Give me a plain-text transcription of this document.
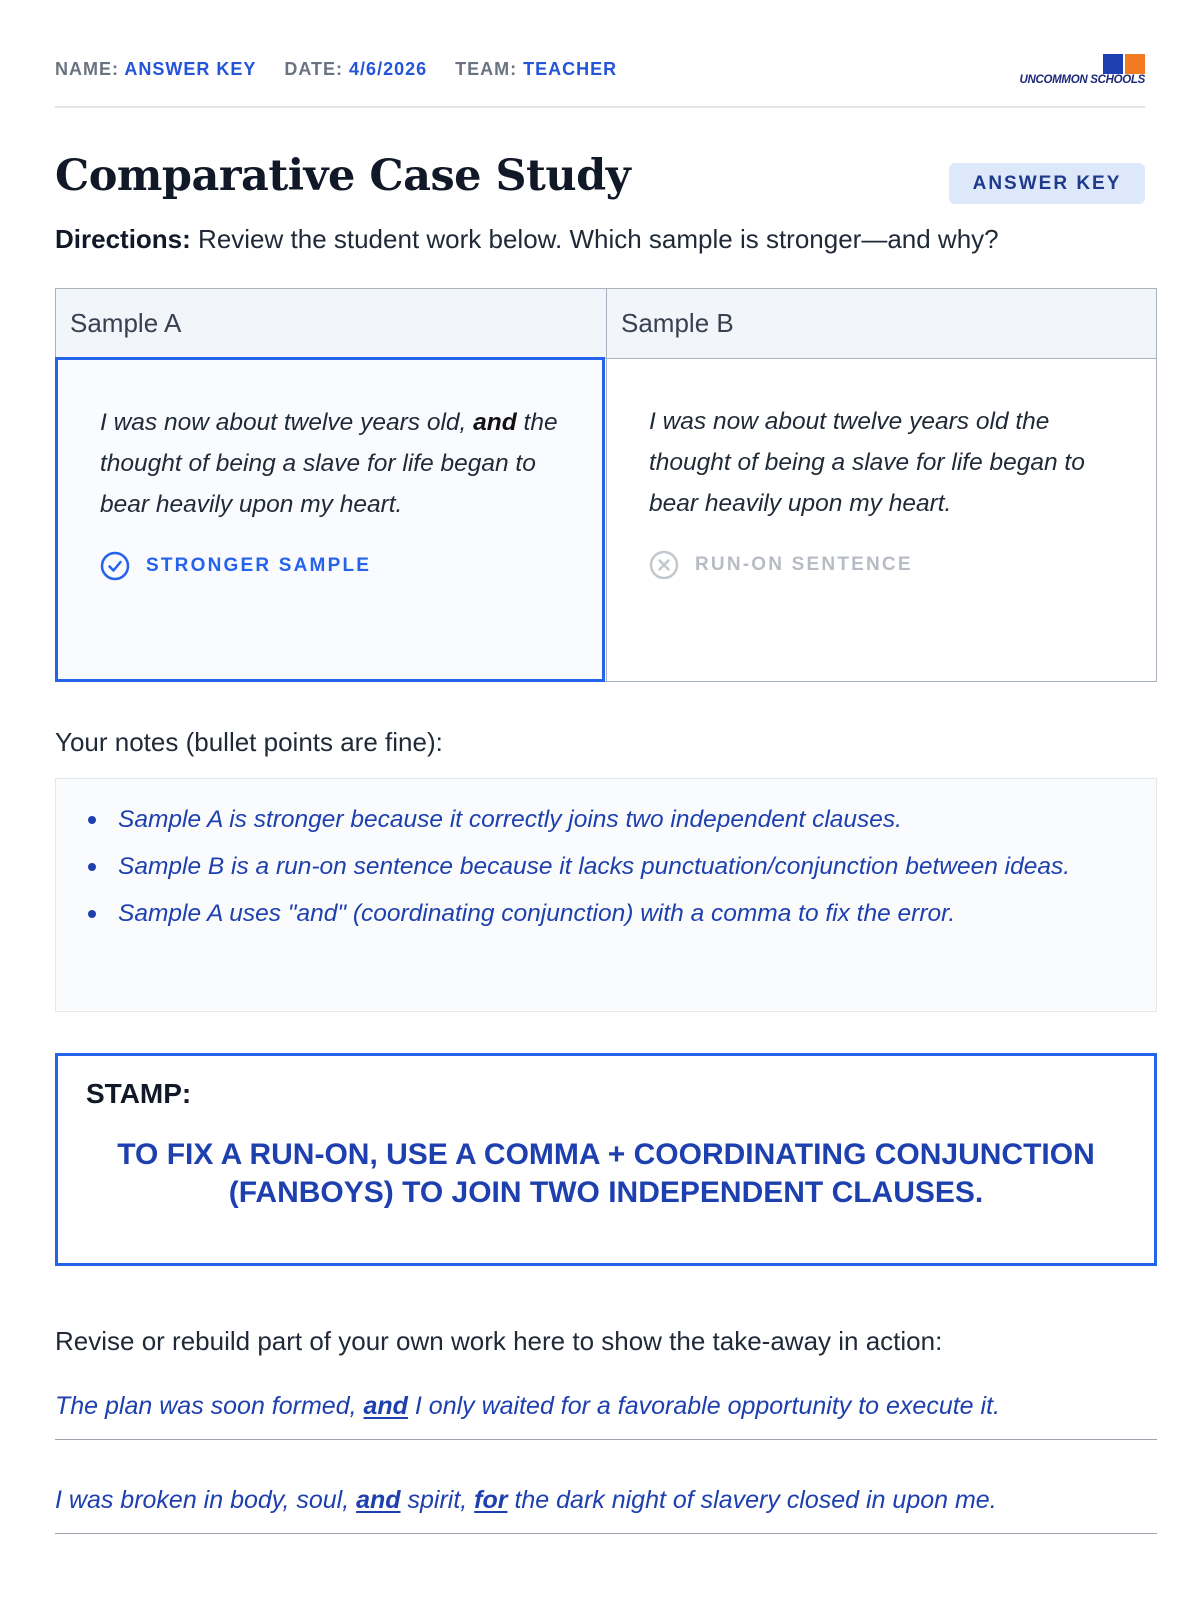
NAME: ANSWER KEY DATE: 4/6/2026 TEAM: TEACHER
UNCOMMON SCHOOLS
Comparative Case Study	ANSWER KEY
Directions: Review the student work below. Which sample is stronger—and why?
Sample A	Sample B

I was now about twelve years old, and the thought of being a slave for life began to bear heavily upon my heart.

STRONGER SAMPLE

I was now about twelve years old the thought of being a slave for life began to bear heavily upon my heart.

RUN-ON SENTENCE
Your notes (bullet points are fine):
Sample A is stronger because it correctly joins two independent clauses.
Sample B is a run-on sentence because it lacks punctuation/conjunction between ideas.
Sample A uses "and" (coordinating conjunction) with a comma to fix the error.
STAMP:
TO FIX A RUN-ON, USE A COMMA + COORDINATING CONJUNCTION (FANBOYS) TO JOIN TWO INDEPENDENT CLAUSES.
Revise or rebuild part of your own work here to show the take-away in action:
The plan was soon formed, and I only waited for a favorable opportunity to execute it.
I was broken in body, soul, and spirit, for the dark night of slavery closed in upon me.
